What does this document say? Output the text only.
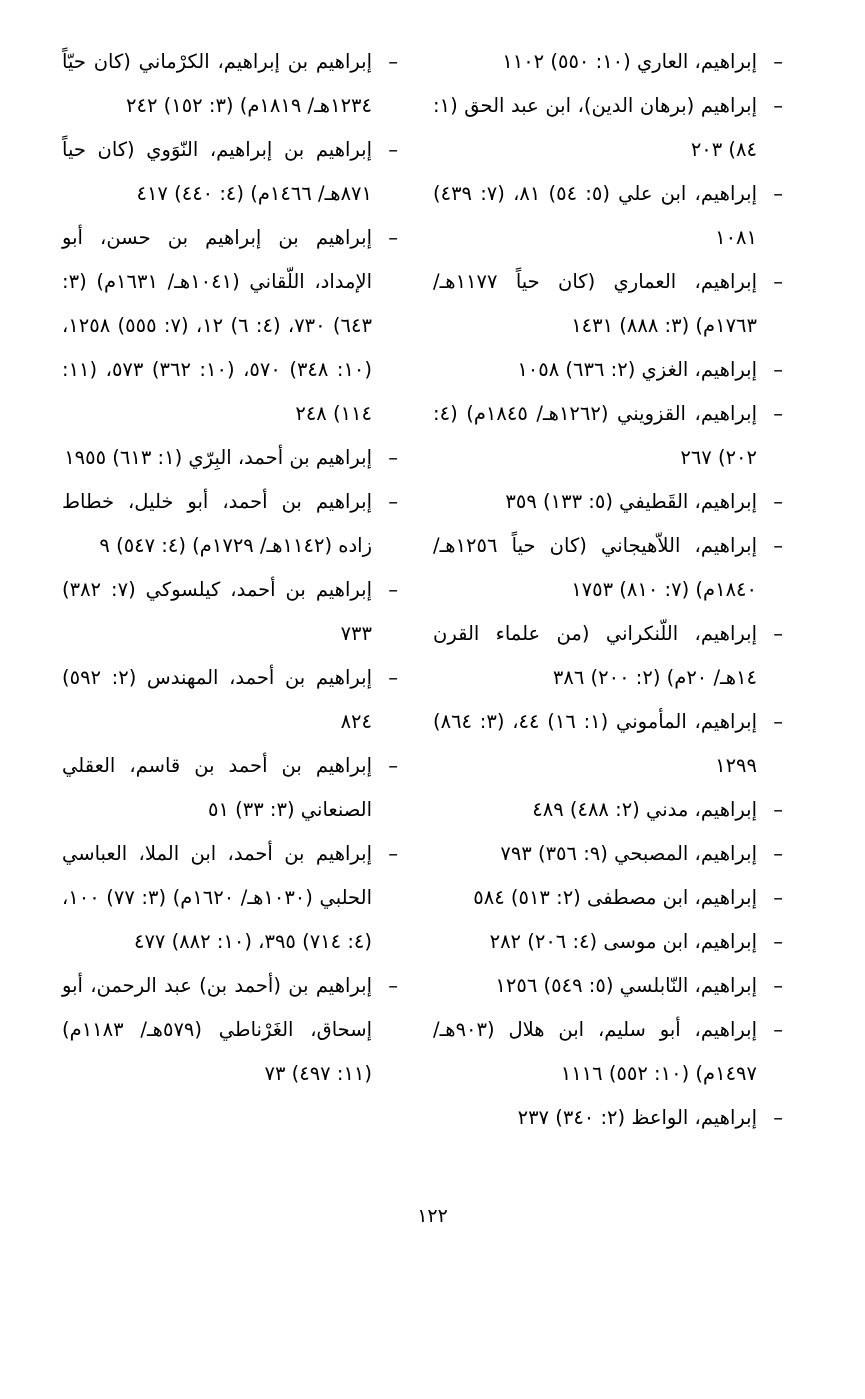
–
إبراهيم، العاري (١٠: ٥٥٠) ١١٠٢
–
إبراهيم (برهان الدين)، ابن عبد الحق (١: ٨٤) ٢٠٣
–
إبراهيم، ابن علي (٥: ٥٤) ٨١، (٧: ٤٣٩) ١٠٨١
–
إبراهيم، العماري (كان حياً ١١٧٧هـ/ ١٧٦٣م) (٣: ٨٨٨) ١٤٣١
–
إبراهيم، الغزي (٢: ٦٣٦) ١٠٥٨
–
إبراهيم، القزويني (١٢٦٢هـ/ ١٨٤٥م) (٤: ٢٠٢) ٢٦٧
–
إبراهيم، القَطيفي (٥: ١٣٣) ٣٥٩
–
إبراهيم، اللاّهيجاني (كان حياً ١٢٥٦هـ/ ١٨٤٠م) (٧: ٨١٠) ١٧٥٣
–
إبراهيم، اللّنكراني (من علماء القرن ١٤هـ/ ٢٠م) (٢: ٢٠٠) ٣٨٦
–
إبراهيم، المأموني (١: ١٦) ٤٤، (٣: ٨٦٤) ١٢٩٩
–
إبراهيم، مدني (٢: ٤٨٨) ٤٨٩
–
إبراهيم، المصبحي (٩: ٣٥٦) ٧٩٣
–
إبراهيم، ابن مصطفى (٢: ٥١٣) ٥٨٤
–
إبراهيم، ابن موسى (٤: ٢٠٦) ٢٨٢
–
إبراهيم، النّابلسي (٥: ٥٤٩) ١٢٥٦
–
إبراهيم، أبو سليم، ابن هلال (٩٠٣هـ/ ١٤٩٧م) (١٠: ٥٥٢) ١١١٦
–
إبراهيم، الواعظ (٢: ٣٤٠) ٢٣٧
–
إبراهيم بن إبراهيم، الكرْماني (كان حيّاً ١٢٣٤هـ/ ١٨١٩م) (٣: ١٥٢) ٢٤٢
–
إبراهيم بن إبراهيم، النّوَوي (كان حياً ٨٧١هـ/ ١٤٦٦م) (٤: ٤٤٠) ٤١٧
–
إبراهيم بن إبراهيم بن حسن، أبو الإمداد، اللّقاني (١٠٤١هـ/ ١٦٣١م) (٣: ٦٤٣) ٧٣٠، (٤: ٦) ١٢، (٧: ٥٥٥) ١٢٥٨، (١٠: ٣٤٨) ٥٧٠، (١٠: ٣٦٢) ٥٧٣، (١١: ١١٤) ٢٤٨
–
إبراهيم بن أحمد، البِرّي (١: ٦١٣) ١٩٥٥
–
إبراهيم بن أحمد، أبو خليل، خطاط زاده (١١٤٢هـ/ ١٧٢٩م) (٤: ٥٤٧) ٩
–
إبراهيم بن أحمد، كيلسوكي (٧: ٣٨٢) ٧٣٣
–
إبراهيم بن أحمد، المهندس (٢: ٥٩٢) ٨٢٤
–
إبراهيم بن أحمد بن قاسم، العقلي الصنعاني (٣: ٣٣) ٥١
–
إبراهيم بن أحمد، ابن الملا، العباسي الحلبي (١٠٣٠هـ/ ١٦٢٠م) (٣: ٧٧) ١٠٠، (٤: ٧١٤) ٣٩٥، (١٠: ٨٨٢) ٤٧٧
–
إبراهيم بن (أحمد بن) عبد الرحمن، أبو إسحاق، الغَرْناطي (٥٧٩هـ/ ١١٨٣م) (١١: ٤٩٧) ٧٣
١٢٢
